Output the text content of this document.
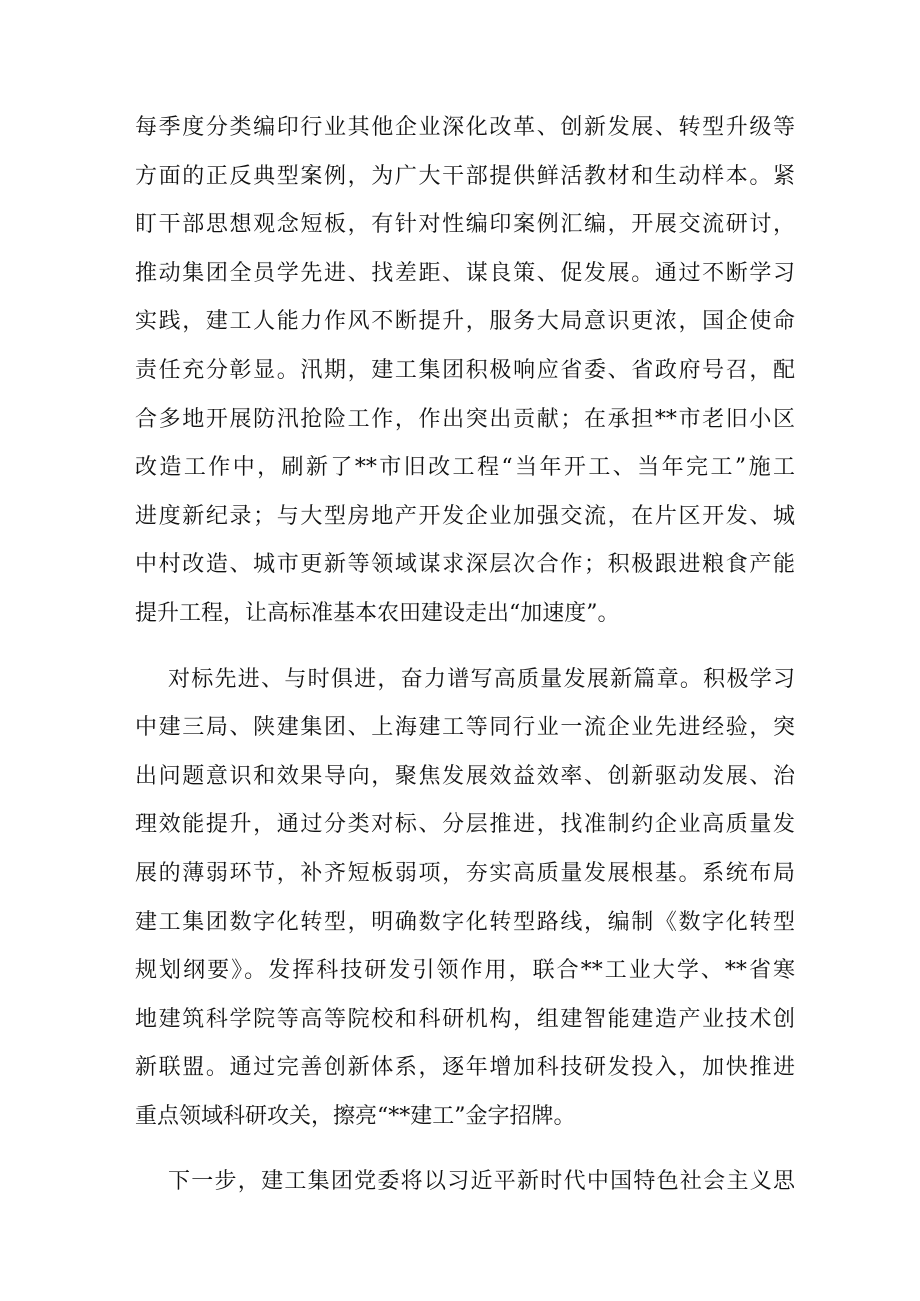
每季度分类编印行业其他企业深化改革、创新发展、转型升级等

方面的正反典型案例，为广大干部提供鲜活教材和生动样本。紧

盯干部思想观念短板，有针对性编印案例汇编，开展交流研讨，

推动集团全员学先进、找差距、谋良策、促发展。通过不断学习

实践，建工人能力作风不断提升，服务大局意识更浓，国企使命

责任充分彰显。汛期，建工集团积极响应省委、省政府号召，配

合多地开展防汛抢险工作，作出突出贡献；在承担**市老旧小区

改造工作中，刷新了**市旧改工程“当年开工、当年完工”施工

进度新纪录；与大型房地产开发企业加强交流，在片区开发、城

中村改造、城市更新等领域谋求深层次合作；积极跟进粮食产能

提升工程，让高标准基本农田建设走出“加速度”。

对标先进、与时俱进，奋力谱写高质量发展新篇章。积极学习

中建三局、陕建集团、上海建工等同行业一流企业先进经验，突

出问题意识和效果导向，聚焦发展效益效率、创新驱动发展、治

理效能提升，通过分类对标、分层推进，找准制约企业高质量发

展的薄弱环节，补齐短板弱项，夯实高质量发展根基。系统布局

建工集团数字化转型，明确数字化转型路线，编制《数字化转型

规划纲要》。发挥科技研发引领作用，联合**工业大学、**省寒

地建筑科学院等高等院校和科研机构，组建智能建造产业技术创

新联盟。通过完善创新体系，逐年增加科技研发投入，加快推进

重点领域科研攻关，擦亮“**建工”金字招牌。

下一步，建工集团党委将以习近平新时代中国特色社会主义思
